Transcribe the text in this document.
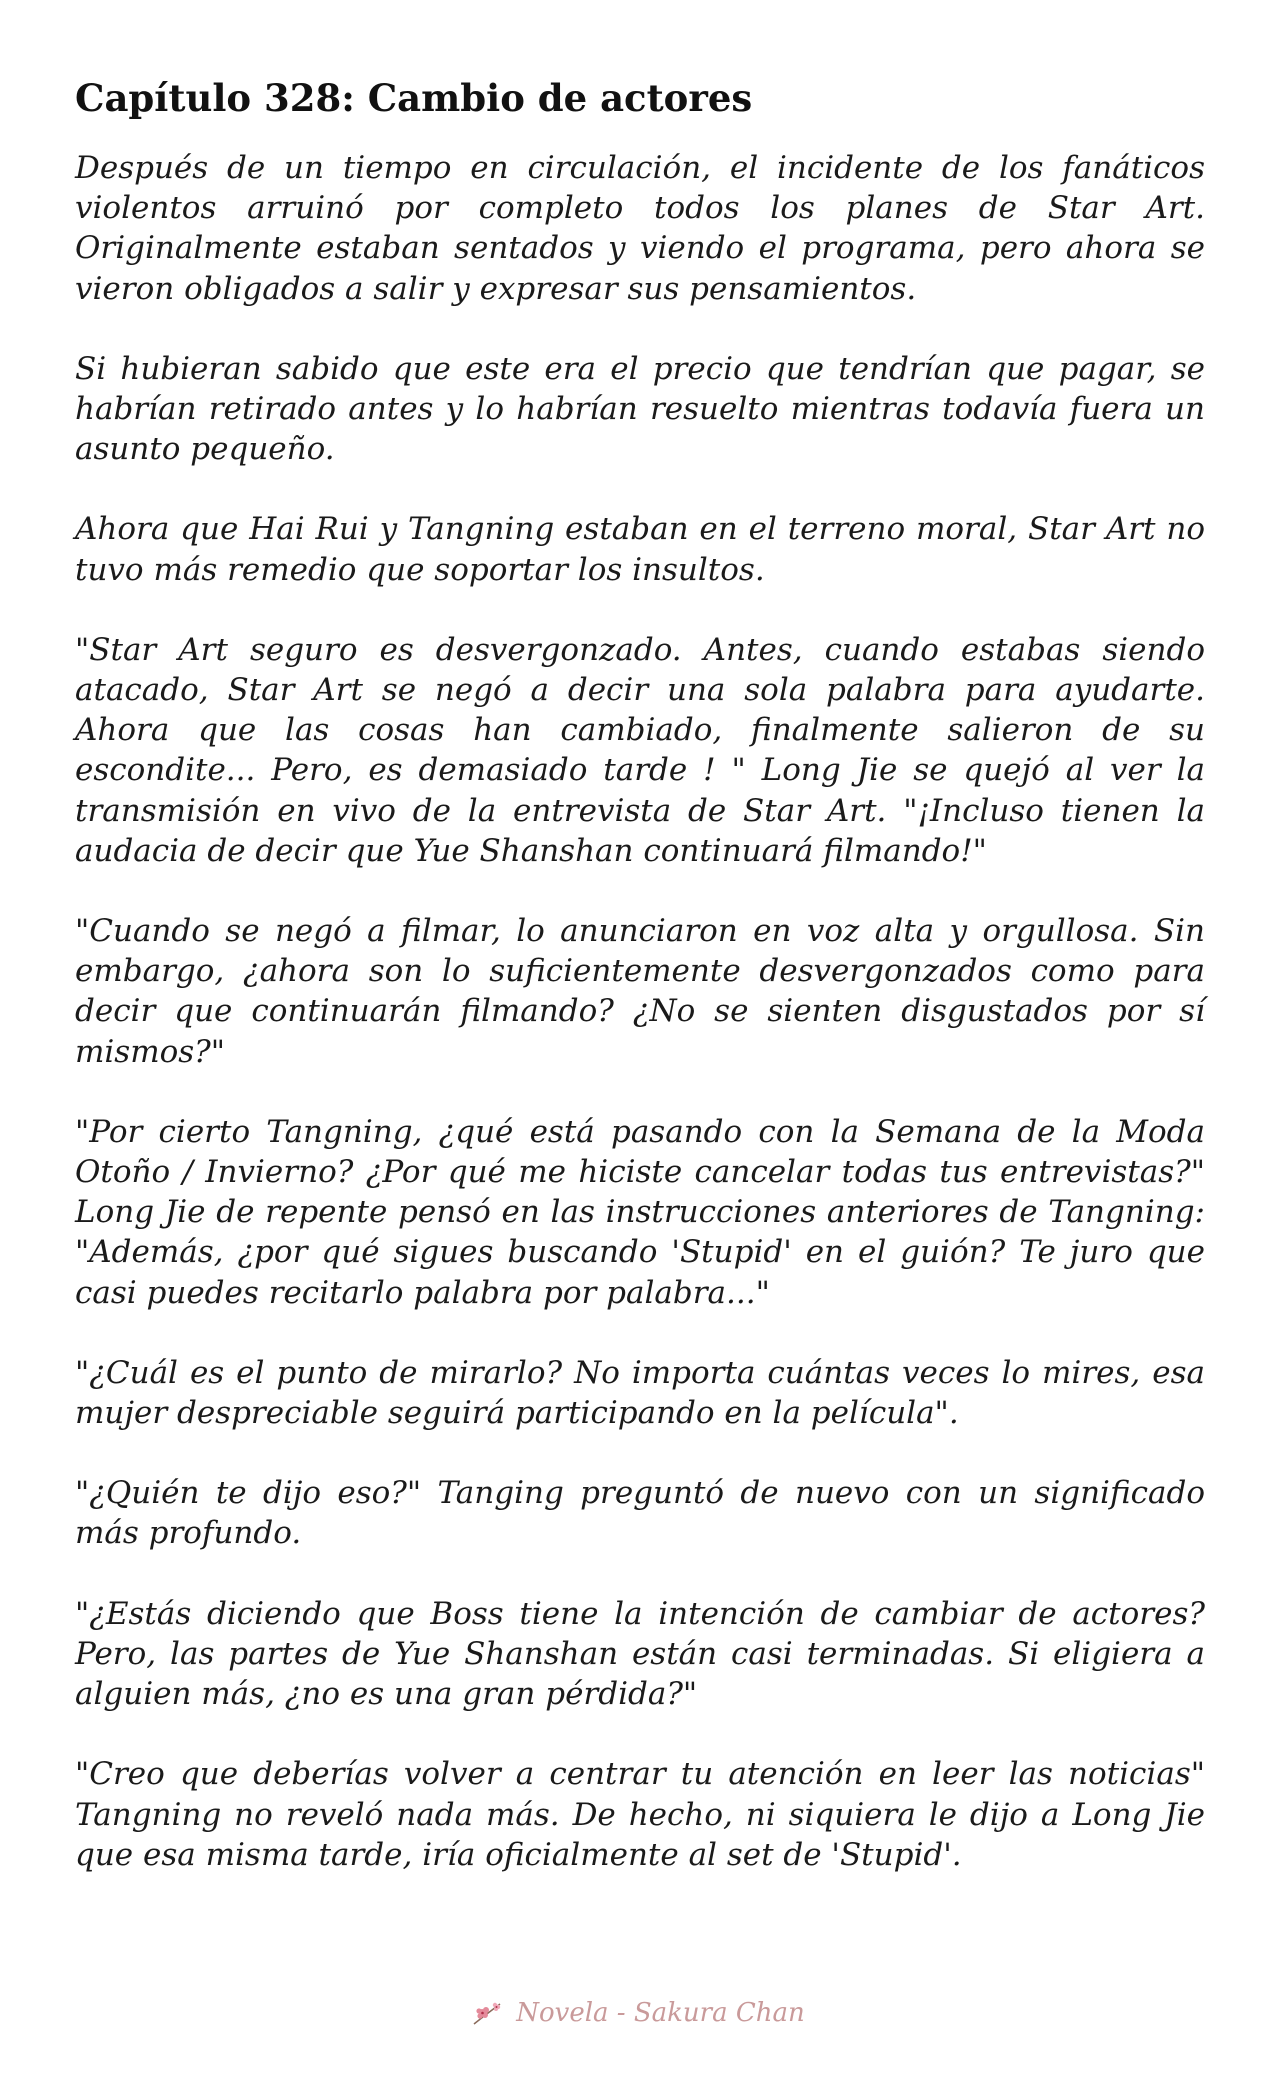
Capítulo 328: Cambio de actores

Después de un tiempo en circulación, el incidente de los fanáticos violentos arruinó por completo todos los planes de Star Art. Originalmente estaban sentados y viendo el programa, pero ahora se vieron obligados a salir y expresar sus pensamientos.

Si hubieran sabido que este era el precio que tendrían que pagar, se habrían retirado antes y lo habrían resuelto mientras todavía fuera un asunto pequeño.

Ahora que Hai Rui y Tangning estaban en el terreno moral, Star Art no tuvo más remedio que soportar los insultos.

"Star Art seguro es desvergonzado. Antes, cuando estabas siendo atacado, Star Art se negó a decir una sola palabra para ayudarte. Ahora que las cosas han cambiado, finalmente salieron de su escondite... Pero, es demasiado tarde ! " Long Jie se quejó al ver la transmisión en vivo de la entrevista de Star Art. "¡Incluso tienen la audacia de decir que Yue Shanshan continuará filmando!"

"Cuando se negó a filmar, lo anunciaron en voz alta y orgullosa. Sin embargo, ¿ahora son lo suficientemente desvergonzados como para decir que continuarán filmando? ¿No se sienten disgustados por sí mismos?"

"Por cierto Tangning, ¿qué está pasando con la Semana de la Moda Otoño / Invierno? ¿Por qué me hiciste cancelar todas tus entrevistas?" Long Jie de repente pensó en las instrucciones anteriores de Tangning: "Además, ¿por qué sigues buscando 'Stupid' en el guión? Te juro que casi puedes recitarlo palabra por palabra..."

"¿Cuál es el punto de mirarlo? No importa cuántas veces lo mires, esa mujer despreciable seguirá participando en la película".

"¿Quién te dijo eso?" Tanging preguntó de nuevo con un significado más profundo.

"¿Estás diciendo que Boss tiene la intención de cambiar de actores? Pero, las partes de Yue Shanshan están casi terminadas. Si eligiera a alguien más, ¿no es una gran pérdida?"

"Creo que deberías volver a centrar tu atención en leer las noticias" Tangning no reveló nada más. De hecho, ni siquiera le dijo a Long Jie que esa misma tarde, iría oficialmente al set de 'Stupid'.

Novela - Sakura Chan
